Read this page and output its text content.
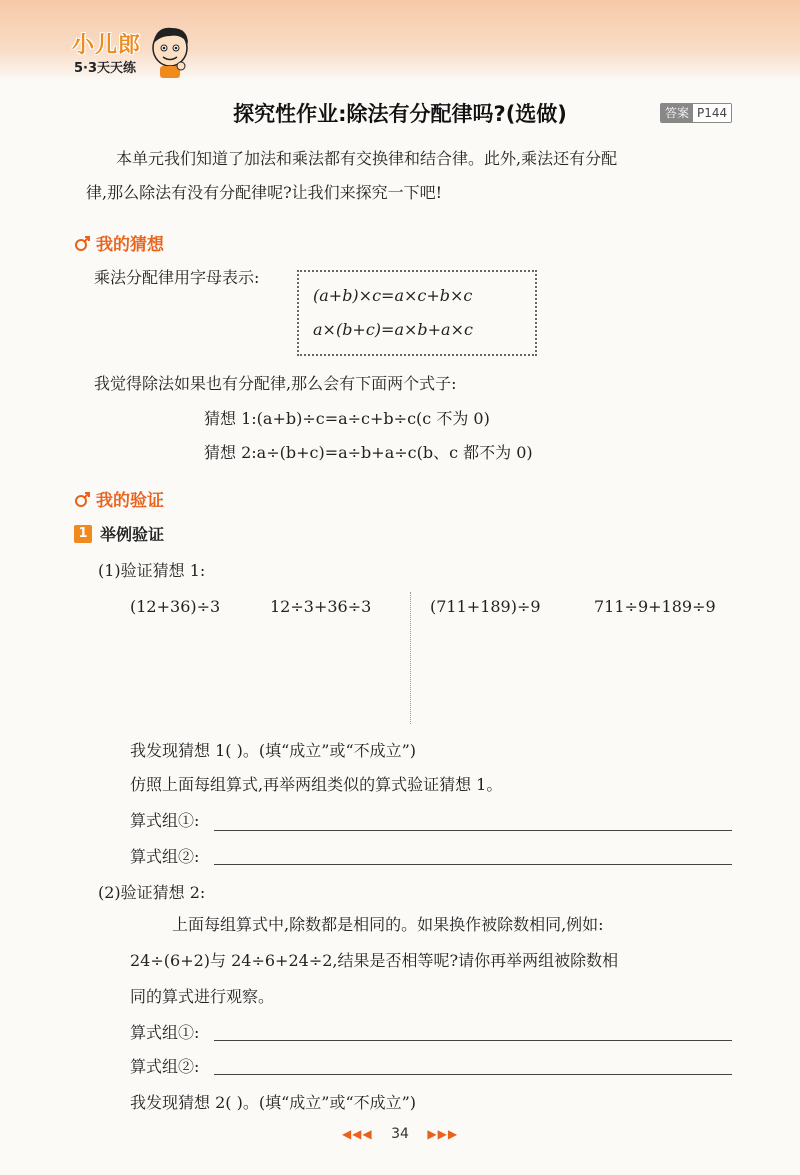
小儿郎
5·3天天练
探究性作业:除法有分配律吗?(选做)	答案 P144
本单元我们知道了加法和乘法都有交换律和结合律。此外,乘法还有分配
律,那么除法有没有分配律呢?让我们来探究一下吧!
我的猜想
乘法分配律用字母表示:
(a+b)×c=a×c+b×c
a×(b+c)=a×b+a×c
我觉得除法如果也有分配律,那么会有下面两个式子:
猜想 1:(a+b)÷c=a÷c+b÷c(c 不为 0)
猜想 2:a÷(b+c)=a÷b+a÷c(b、c 都不为 0)
我的验证
1 举例验证
(1)验证猜想 1:
(12+36)÷3	12÷3+36÷3	(711+189)÷9	711÷9+189÷9
我发现猜想 1( )。(填“成立”或“不成立”)
仿照上面每组算式,再举两组类似的算式验证猜想 1。
算式组①:
算式组②:
(2)验证猜想 2:
上面每组算式中,除数都是相同的。如果换作被除数相同,例如:
24÷(6+2)与 24÷6+24÷2,结果是否相等呢?请你再举两组被除数相
同的算式进行观察。
算式组①:
算式组②:
我发现猜想 2( )。(填“成立”或“不成立”)
◀◀◀ 34 ▶▶▶
